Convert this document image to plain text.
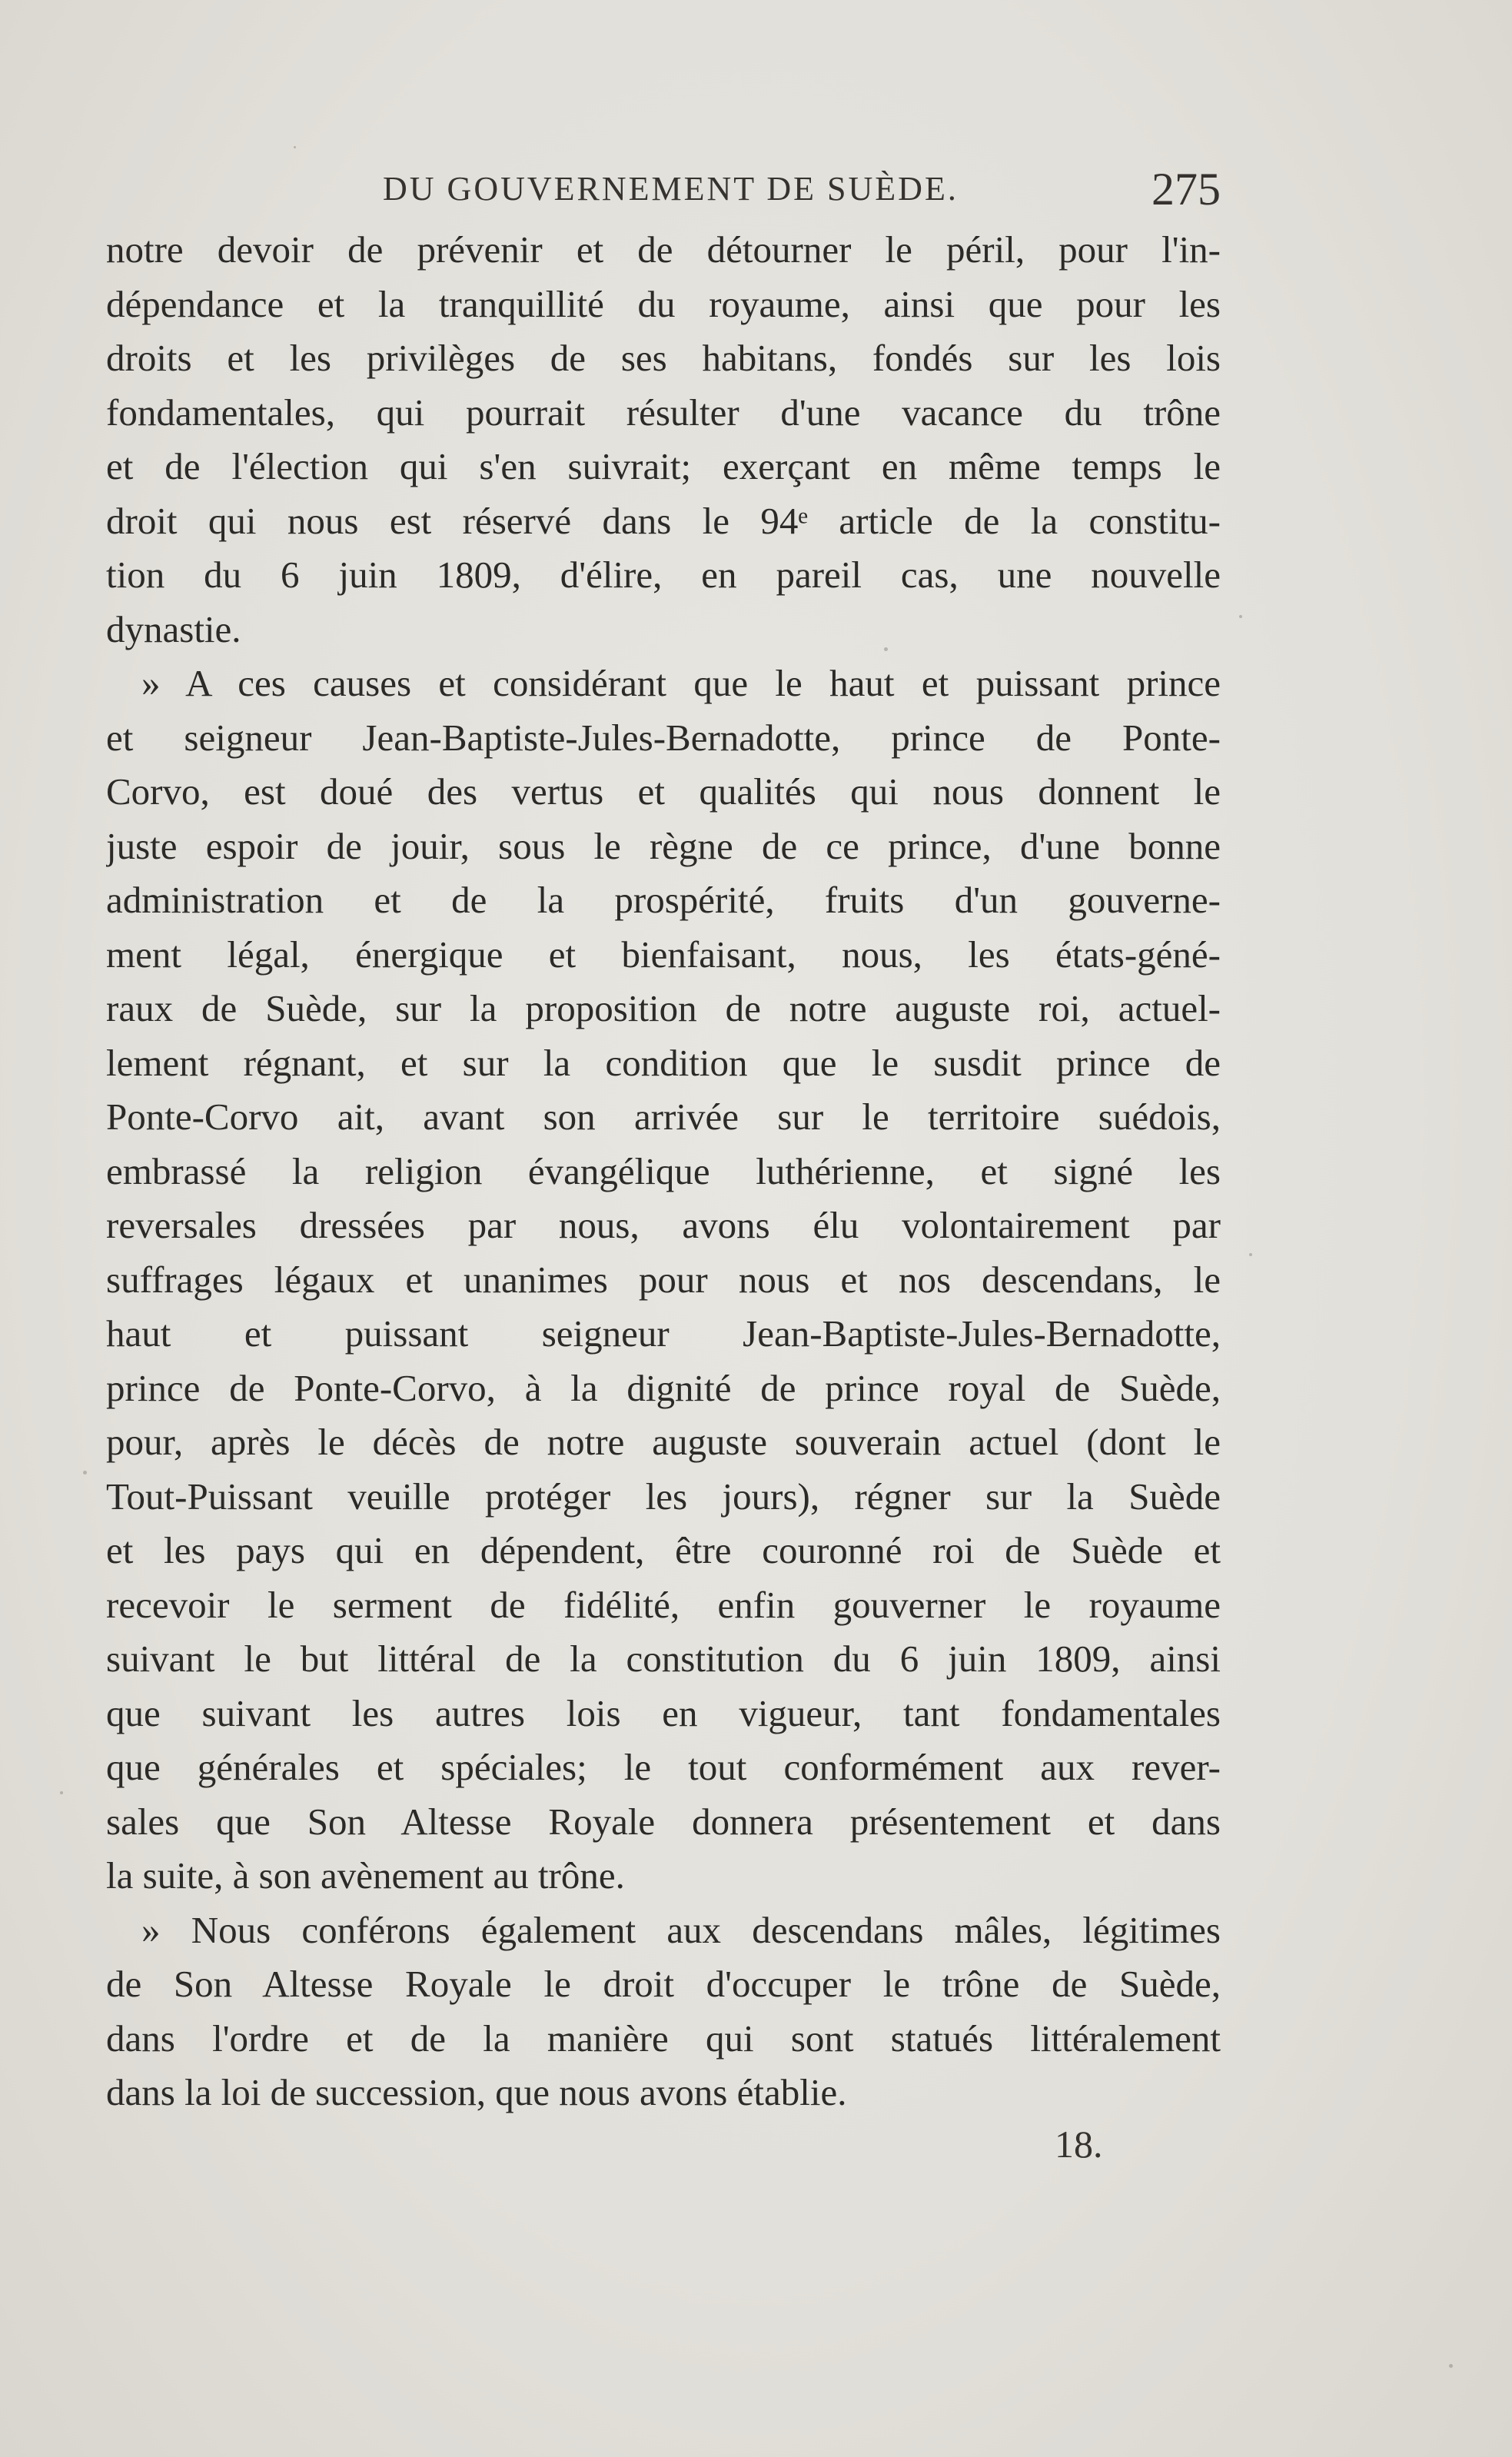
DU GOUVERNEMENT DE SUÈDE.	275
notre devoir de prévenir et de détourner le péril, pour l'in-
dépendance et la tranquillité du royaume, ainsi que pour les
droits et les privilèges de ses habitans, fondés sur les lois
fondamentales, qui pourrait résulter d'une vacance du trône
et de l'élection qui s'en suivrait; exerçant en même temps le
droit qui nous est réservé dans le 94ᵉ article de la constitu-
tion du 6 juin 1809, d'élire, en pareil cas, une nouvelle
dynastie.
» A ces causes et considérant que le haut et puissant prince
et seigneur Jean-Baptiste-Jules-Bernadotte, prince de Ponte-
Corvo, est doué des vertus et qualités qui nous donnent le
juste espoir de jouir, sous le règne de ce prince, d'une bonne
administration et de la prospérité, fruits d'un gouverne-
ment légal, énergique et bienfaisant, nous, les états-géné-
raux de Suède, sur la proposition de notre auguste roi, actuel-
lement régnant, et sur la condition que le susdit prince de
Ponte-Corvo ait, avant son arrivée sur le territoire suédois,
embrassé la religion évangélique luthérienne, et signé les
reversales dressées par nous, avons élu volontairement par
suffrages légaux et unanimes pour nous et nos descendans, le
haut et puissant seigneur Jean-Baptiste-Jules-Bernadotte,
prince de Ponte-Corvo, à la dignité de prince royal de Suède,
pour, après le décès de notre auguste souverain actuel (dont le
Tout-Puissant veuille protéger les jours), régner sur la Suède
et les pays qui en dépendent, être couronné roi de Suède et
recevoir le serment de fidélité, enfin gouverner le royaume
suivant le but littéral de la constitution du 6 juin 1809, ainsi
que suivant les autres lois en vigueur, tant fondamentales
que générales et spéciales; le tout conformément aux rever-
sales que Son Altesse Royale donnera présentement et dans
la suite, à son avènement au trône.
» Nous conférons également aux descendans mâles, légitimes
de Son Altesse Royale le droit d'occuper le trône de Suède,
dans l'ordre et de la manière qui sont statués littéralement
dans la loi de succession, que nous avons établie.
18.
